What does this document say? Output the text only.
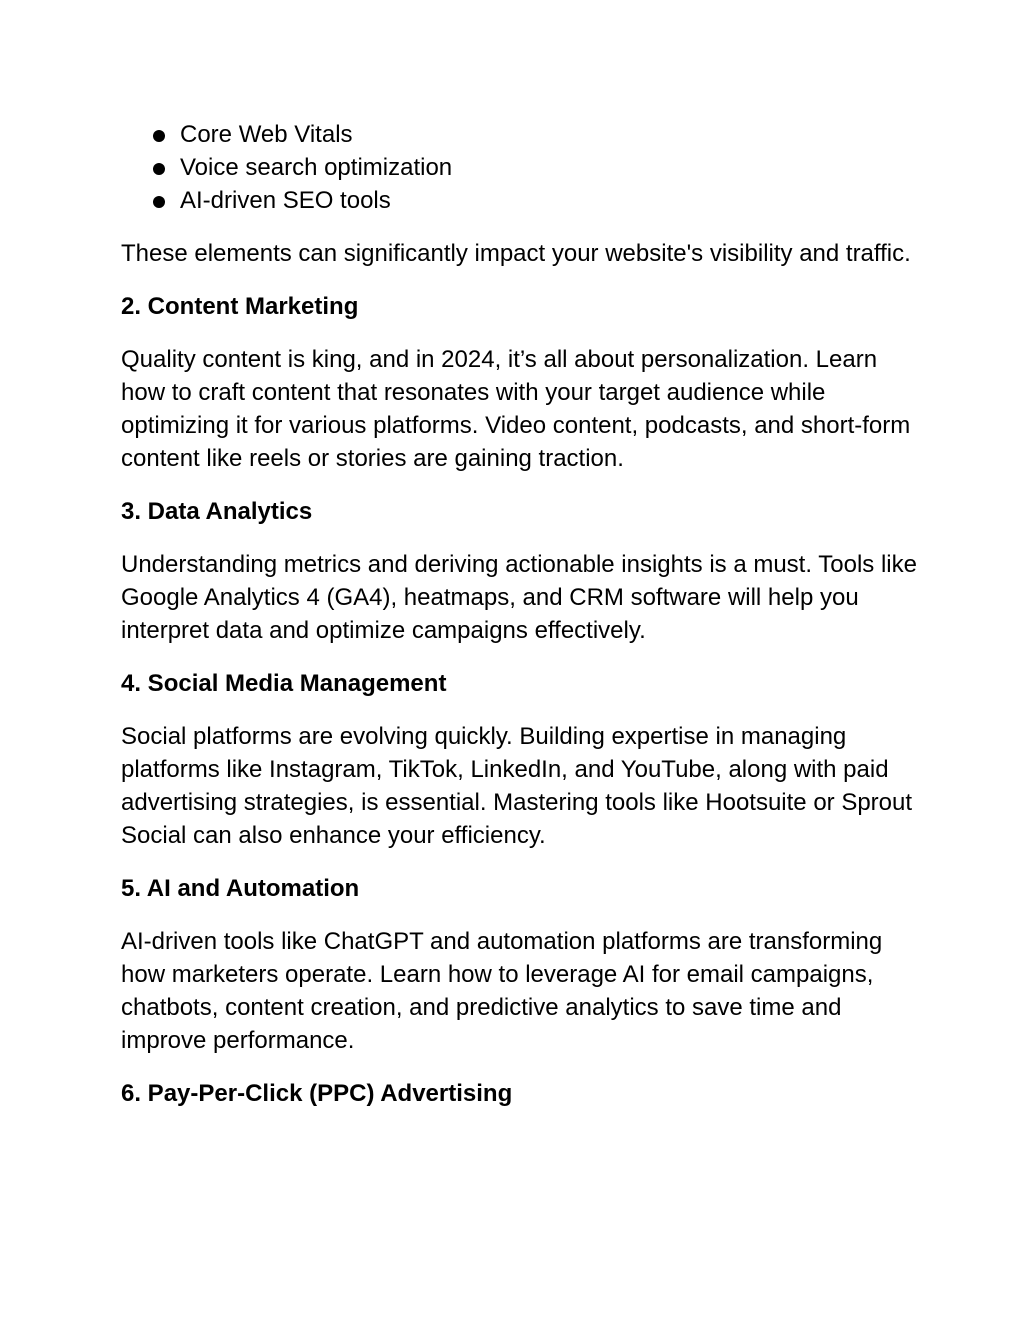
Core Web Vitals
Voice search optimization
AI-driven SEO tools

These elements can significantly impact your website's visibility and traffic.

2. Content Marketing

Quality content is king, and in 2024, it’s all about personalization. Learn how to craft content that resonates with your target audience while optimizing it for various platforms. Video content, podcasts, and short-form content like reels or stories are gaining traction.

3. Data Analytics

Understanding metrics and deriving actionable insights is a must. Tools like Google Analytics 4 (GA4), heatmaps, and CRM software will help you interpret data and optimize campaigns effectively.

4. Social Media Management

Social platforms are evolving quickly. Building expertise in managing platforms like Instagram, TikTok, LinkedIn, and YouTube, along with paid advertising strategies, is essential. Mastering tools like Hootsuite or Sprout Social can also enhance your efficiency.

5. AI and Automation

AI-driven tools like ChatGPT and automation platforms are transforming how marketers operate. Learn how to leverage AI for email campaigns, chatbots, content creation, and predictive analytics to save time and improve performance.

6. Pay-Per-Click (PPC) Advertising
